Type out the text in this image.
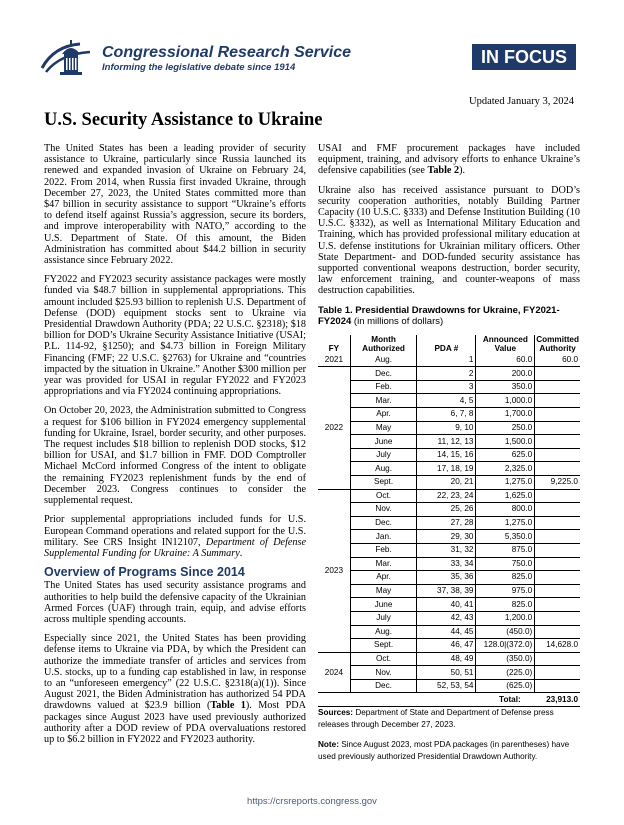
Congressional Research Service
Informing the legislative debate since 1914
IN FOCUS
Updated January 3, 2024
U.S. Security Assistance to Ukraine

The United States has been a leading provider of security assistance to Ukraine, particularly since Russia launched its renewed and expanded invasion of Ukraine on February 24, 2022. From 2014, when Russia first invaded Ukraine, through December 27, 2023, the United States committed more than $47 billion in security assistance to support “Ukraine’s efforts to defend itself against Russia’s aggression, secure its borders, and improve interoperability with NATO,” according to the U.S. Department of State. Of this amount, the Biden Administration has committed about $44.2 billion in security assistance since February 2022.

FY2022 and FY2023 security assistance packages were mostly funded via $48.7 billion in supplemental appropriations. This amount included $25.93 billion to replenish U.S. Department of Defense (DOD) equipment stocks sent to Ukraine via Presidential Drawdown Authority (PDA; 22 U.S.C. §2318); $18 billion for DOD’s Ukraine Security Assistance Initiative (USAI; P.L. 114-92, §1250); and $4.73 billion in Foreign Military Financing (FMF; 22 U.S.C. §2763) for Ukraine and “countries impacted by the situation in Ukraine.” Another $300 million per year was provided for USAI in regular FY2022 and FY2023 appropriations and via FY2024 continuing appropriations.

On October 20, 2023, the Administration submitted to Congress a request for $106 billion in FY2024 emergency supplemental funding for Ukraine, Israel, border security, and other purposes. The request includes $18 billion to replenish DOD stocks, $12 billion for USAI, and $1.7 billion in FMF. DOD Comptroller Michael McCord informed Congress of the intent to obligate the remaining FY2023 replenishment funds by the end of December 2023. Congress continues to consider the supplemental request.

Prior supplemental appropriations included funds for U.S. European Command operations and related support for the U.S. military. See CRS Insight IN12107, Department of Defense Supplemental Funding for Ukraine: A Summary.

Overview of Programs Since 2014

The United States has used security assistance programs and authorities to help build the defensive capacity of the Ukrainian Armed Forces (UAF) through train, equip, and advise efforts across multiple spending accounts.

Especially since 2021, the United States has been providing defense items to Ukraine via PDA, by which the President can authorize the immediate transfer of articles and services from U.S. stocks, up to a funding cap established in law, in response to an “unforeseen emergency” (22 U.S.C. §2318(a)(1)). Since August 2021, the Biden Administration has authorized 54 PDA drawdowns valued at $23.9 billion (Table 1). Most PDA packages since August 2023 have used previously authorized authority after a DOD review of PDA overvaluations restored up to $6.2 billion in FY2022 and FY2023 authority.

USAI and FMF procurement packages have included equipment, training, and advisory efforts to enhance Ukraine’s defensive capabilities (see Table 2).

Ukraine also has received assistance pursuant to DOD’s security cooperation authorities, notably Building Partner Capacity (10 U.S.C. §333) and Defense Institution Building (10 U.S.C. §332), as well as International Military Education and Training, which has provided professional military education at U.S. defense institutions for Ukrainian military officers. Other State Department- and DOD-funded security assistance has supported conventional weapons destruction, border security, law enforcement training, and counter-weapons of mass destruction capabilities.

Table 1. Presidential Drawdowns for Ukraine, FY2021-FY2024 (in millions of dollars)

FY	Month Authorized	PDA #	Announced Value	Committed Authority
2021	Aug.	1	60.0	60.0
2022	Dec.	2	200.0	
	Feb.	3	350.0	
	Mar.	4, 5	1,000.0	
	Apr.	6, 7, 8	1,700.0	
	May	9, 10	250.0	
	June	11, 12, 13	1,500.0	
	July	14, 15, 16	625.0	
	Aug.	17, 18, 19	2,325.0	
	Sept.	20, 21	1,275.0	9,225.0
2023	Oct.	22, 23, 24	1,625.0	
	Nov.	25, 26	800.0	
	Dec.	27, 28	1,275.0	
	Jan.	29, 30	5,350.0	
	Feb.	31, 32	875.0	
	Mar.	33, 34	750.0	
	Apr.	35, 36	825.0	
	May	37, 38, 39	975.0	
	June	40, 41	825.0	
	July	42, 43	1,200.0	
	Aug.	44, 45	(450.0)	
	Sept.	46, 47	128.0|(372.0)	14,628.0
2024	Oct.	48, 49	(350.0)	
	Nov.	50, 51	(225.0)	
	Dec.	52, 53, 54	(625.0)	
Total:				23,913.0

Sources: Department of State and Department of Defense press releases through December 27, 2023.

Note: Since August 2023, most PDA packages (in parentheses) have used previously authorized Presidential Drawdown Authority.

https://crsreports.congress.gov
